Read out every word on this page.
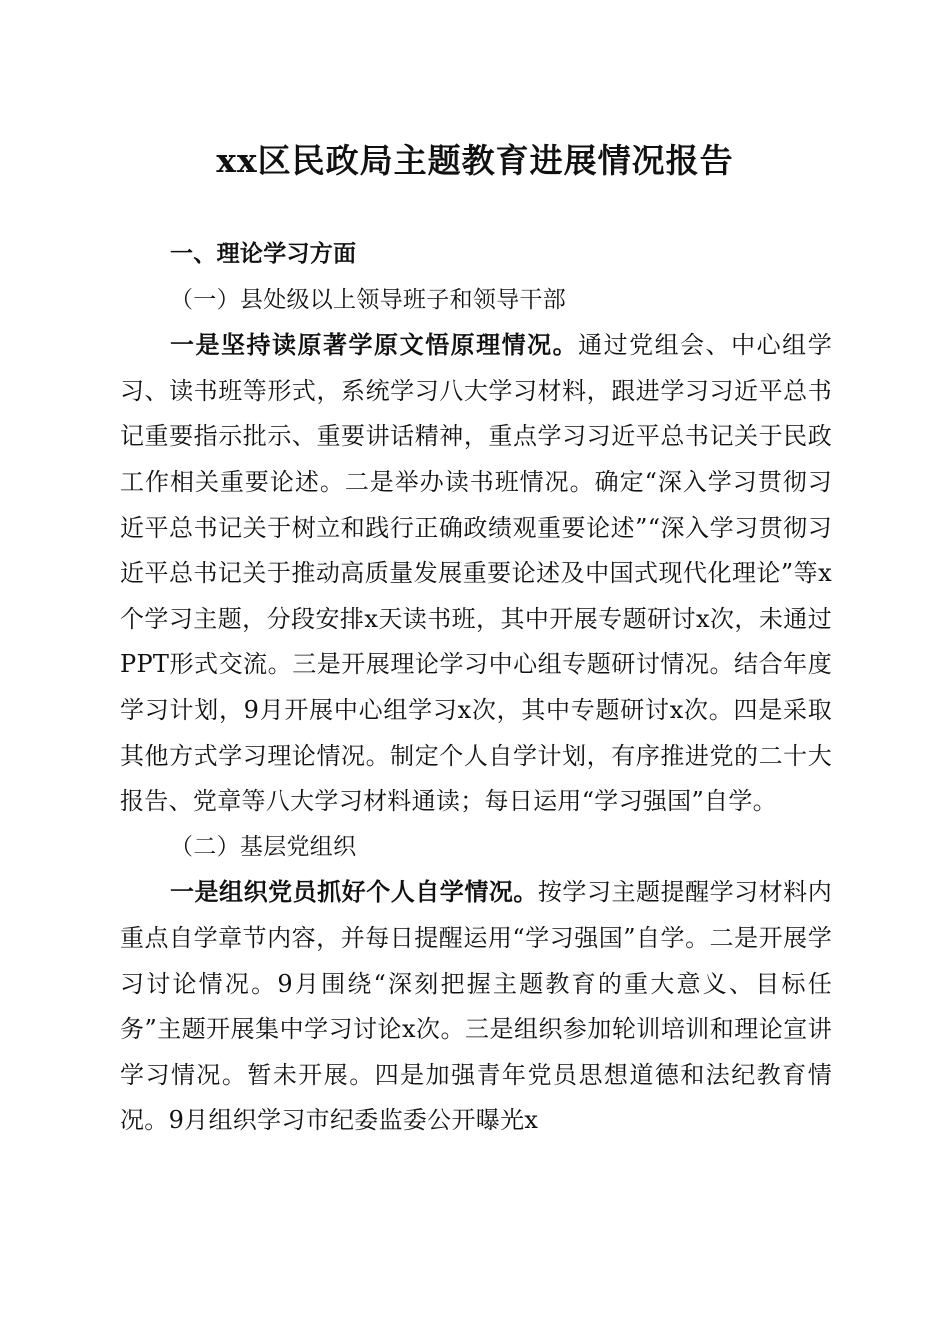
xx区民政局主题教育进展情况报告

一、理论学习方面

（一）县处级以上领导班子和领导干部

一是坚持读原著学原文悟原理情况。通过党组会、中心组学习、读书班等形式，系统学习八大学习材料，跟进学习习近平总书记重要指示批示、重要讲话精神，重点学习习近平总书记关于民政工作相关重要论述。二是举办读书班情况。确定“深入学习贯彻习近平总书记关于树立和践行正确政绩观重要论述”“深入学习贯彻习近平总书记关于推动高质量发展重要论述及中国式现代化理论”等x个学习主题，分段安排x天读书班，其中开展专题研讨x次，未通过PPT形式交流。三是开展理论学习中心组专题研讨情况。结合年度学习计划，9月开展中心组学习x次，其中专题研讨x次。四是采取其他方式学习理论情况。制定个人自学计划，有序推进党的二十大报告、党章等八大学习材料通读；每日运用“学习强国”自学。

（二）基层党组织

一是组织党员抓好个人自学情况。按学习主题提醒学习材料内重点自学章节内容，并每日提醒运用“学习强国”自学。二是开展学习讨论情况。9月围绕“深刻把握主题教育的重大意义、目标任务”主题开展集中学习讨论x次。三是组织参加轮训培训和理论宣讲学习情况。暂未开展。四是加强青年党员思想道德和法纪教育情况。9月组织学习市纪委监委公开曝光x
